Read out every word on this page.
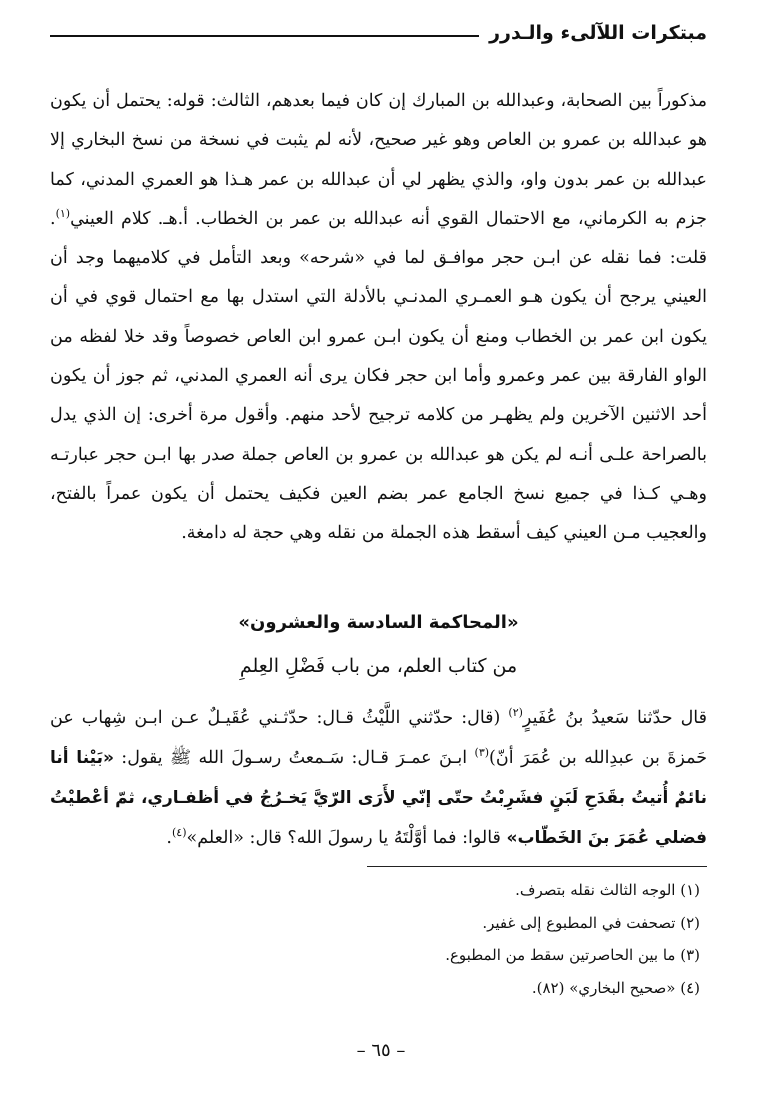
مبتكرات اللآلىء والـدرر

مذكوراً بين الصحابة، وعبدالله بن المبارك إن كان فيما بعدهم، الثالث: قوله: يحتمل أن يكون هو عبدالله بن عمرو بن العاص وهو غير صحيح، لأنه لم يثبت في نسخة من نسخ البخاري إلا عبدالله بن عمر بدون واو، والذي يظهر لي أن عبدالله بن عمر هـذا هو العمري المدني، كما جزم به الكرماني، مع الاحتمال القوي أنه عبدالله بن عمر بن الخطاب. أ.هـ. كلام العيني$^{(١)}$. قلت: فما نقله عن ابـن حجر موافـق لما في «شرحه» وبعد التأمل في كلاميهما وجد أن العيني يرجح أن يكون هـو العمـري المدنـي بالأدلة التي استدل بها مع احتمال قوي في أن يكون ابن عمر بن الخطاب ومنع أن يكون ابـن عمرو ابن العاص خصوصاً وقد خلا لفظه من الواو الفارقة بين عمر وعمرو وأما ابن حجر فكان يرى أنه العمري المدني، ثم جوز أن يكون أحد الاثنين الآخرين ولم يظهـر من كلامه ترجيح لأحد منهم. وأقول مرة أخرى: إن الذي يدل بالصراحة علـى أنـه لم يكن هو عبدالله بن عمرو بن العاص جملة صدر بها ابـن حجر عبارتـه وهـي كـذا في جميع نسخ الجامع عمر بضم العين فكيف يحتمل أن يكون عمراً بالفتح، والعجيب مـن العيني كيف أسقط هذه الجملة من نقله وهي حجة له دامغة.

«المحاكمة السادسة والعشرون»
من كتاب العلم، من باب فَضْلِ العِلمِ

قال حدّثنا سَعيدُ بنُ عُفَيرٍ$^{(٢)}$ (قال: حدّثني اللَّيْثُ قـال: حدّثـني عُقَيـلٌ عـن ابـن شِهاب عن حَمزةَ بن عبدِالله بن عُمَرَ أنّ)$^{(٣)}$ ابـنَ عمـرَ قـال: سَـمعتُ رسـولَ الله ﷺ يقول: «بَيْنا أنا نائمٌ أُتيتُ بقَدَحِ لَبَنٍ فشَرِبْتُ حتّى إنّي لأَرَى الرّيَّ يَخـرُجُ في أظفـاري، ثمّ أعْطيْتُ فضلي عُمَرَ بنَ الخَطّاب» قالوا: فما أوَّلْتَهُ يا رسولَ الله؟ قال: «العلم»$^{(٤)}$.

(١) الوجه الثالث نقله بتصرف.
(٢) تصحفت في المطبوع إلى غفير.
(٣) ما بين الحاصرتين سقط من المطبوع.
(٤) «صحيح البخاري» (٨٢).
– ٦٥ –
